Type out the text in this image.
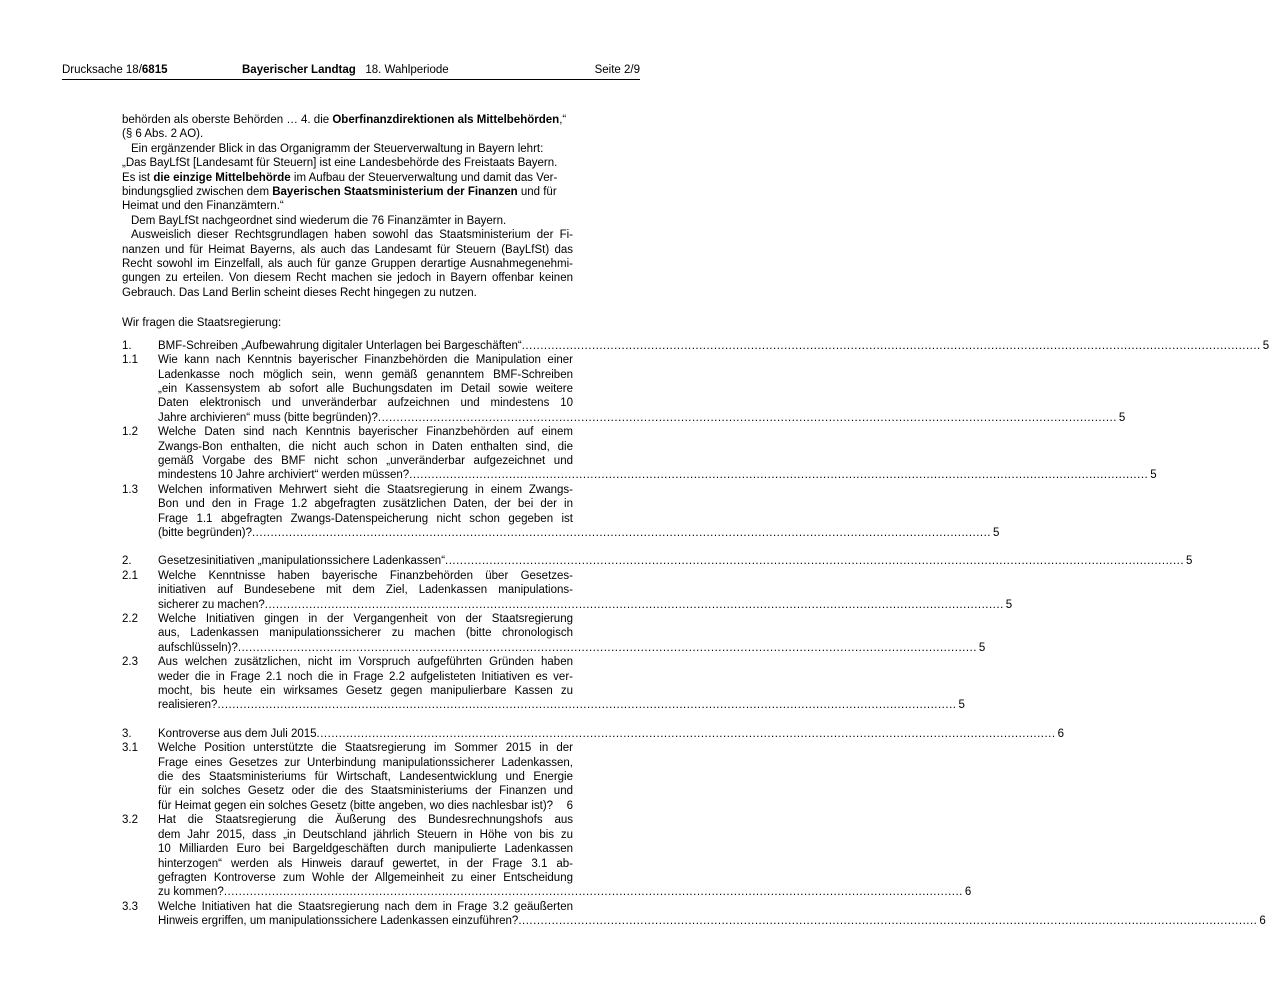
Drucksache 18/6815	Bayerischer Landtag 18. Wahlperiode	Seite 2/9

behörden als oberste Behörden … 4. die Oberfinanzdirektionen als Mittelbehörden,“
(§ 6 Abs. 2 AO).

Ein ergänzender Blick in das Organigramm der Steuerverwaltung in Bayern lehrt:
„Das BayLfSt [Landesamt für Steuern] ist eine Landesbehörde des Freistaats Bayern.
Es ist die einzige Mittelbehörde im Aufbau der Steuerverwaltung und damit das Ver-
bindungsglied zwischen dem Bayerischen Staatsministerium der Finanzen und für
Heimat und den Finanzämtern.“

Dem BayLfSt nachgeordnet sind wiederum die 76 Finanzämter in Bayern.

Ausweislich dieser Rechtsgrundlagen haben sowohl das Staatsministerium der Fi-
nanzen und für Heimat Bayerns, als auch das Landesamt für Steuern (BayLfSt) das
Recht sowohl im Einzelfall, als auch für ganze Gruppen derartige Ausnahmegenehmi-
gungen zu erteilen. Von diesem Recht machen sie jedoch in Bayern offenbar keinen
Gebrauch. Das Land Berlin scheint dieses Recht hingegen zu nutzen.

Wir fragen die Staatsregierung:

1. BMF-Schreiben „Aufbewahrung digitaler Unterlagen bei Bargeschäften“ ........................................................................................................................................................................................................ 5
1.1 Wie kann nach Kenntnis bayerischer Finanzbehörden die Manipulation einer
Ladenkasse noch möglich sein, wenn gemäß genanntem BMF-Schreiben
„ein Kassensystem ab sofort alle Buchungsdaten im Detail sowie weitere
Daten elektronisch und unveränderbar aufzeichnen und mindestens 10
Jahre archivieren“ muss (bitte begründen)? ........................................................................................................................................................................................................ 5
1.2 Welche Daten sind nach Kenntnis bayerischer Finanzbehörden auf einem
Zwangs-Bon enthalten, die nicht auch schon in Daten enthalten sind, die
gemäß Vorgabe des BMF nicht schon „unveränderbar aufgezeichnet und
mindestens 10 Jahre archiviert“ werden müssen? ........................................................................................................................................................................................................ 5
1.3 Welchen informativen Mehrwert sieht die Staatsregierung in einem Zwangs-
Bon und den in Frage 1.2 abgefragten zusätzlichen Daten, der bei der in
Frage 1.1 abgefragten Zwangs-Datenspeicherung nicht schon gegeben ist
(bitte begründen)? ........................................................................................................................................................................................................ 5
2. Gesetzesinitiativen „manipulationssichere Ladenkassen“ ........................................................................................................................................................................................................ 5
2.1 Welche Kenntnisse haben bayerische Finanzbehörden über Gesetzes-
initiativen auf Bundesebene mit dem Ziel, Ladenkassen manipulations-
sicherer zu machen? ........................................................................................................................................................................................................ 5
2.2 Welche Initiativen gingen in der Vergangenheit von der Staatsregierung
aus, Ladenkassen manipulationssicherer zu machen (bitte chronologisch
aufschlüsseln)? ........................................................................................................................................................................................................ 5
2.3 Aus welchen zusätzlichen, nicht im Vorspruch aufgeführten Gründen haben
weder die in Frage 2.1 noch die in Frage 2.2 aufgelisteten Initiativen es ver-
mocht, bis heute ein wirksames Gesetz gegen manipulierbare Kassen zu
realisieren? ........................................................................................................................................................................................................ 5
3. Kontroverse aus dem Juli 2015 ........................................................................................................................................................................................................ 6
3.1 Welche Position unterstützte die Staatsregierung im Sommer 2015 in der
Frage eines Gesetzes zur Unterbindung manipulationssicherer Ladenkassen,
die des Staatsministeriums für Wirtschaft, Landesentwicklung und Energie
für ein solches Gesetz oder die des Staatsministeriums der Finanzen und
für Heimat gegen ein solches Gesetz (bitte angeben, wo dies nachlesbar ist)? 6
3.2 Hat die Staatsregierung die Äußerung des Bundesrechnungshofs aus
dem Jahr 2015, dass „in Deutschland jährlich Steuern in Höhe von bis zu
10 Milliarden Euro bei Bargeldgeschäften durch manipulierte Ladenkassen
hinterzogen“ werden als Hinweis darauf gewertet, in der Frage 3.1 ab-
gefragten Kontroverse zum Wohle der Allgemeinheit zu einer Entscheidung
zu kommen? ........................................................................................................................................................................................................ 6
3.3 Welche Initiativen hat die Staatsregierung nach dem in Frage 3.2 geäußerten
Hinweis ergriffen, um manipulationssichere Ladenkassen einzuführen? ........................................................................................................................................................................................................ 6
